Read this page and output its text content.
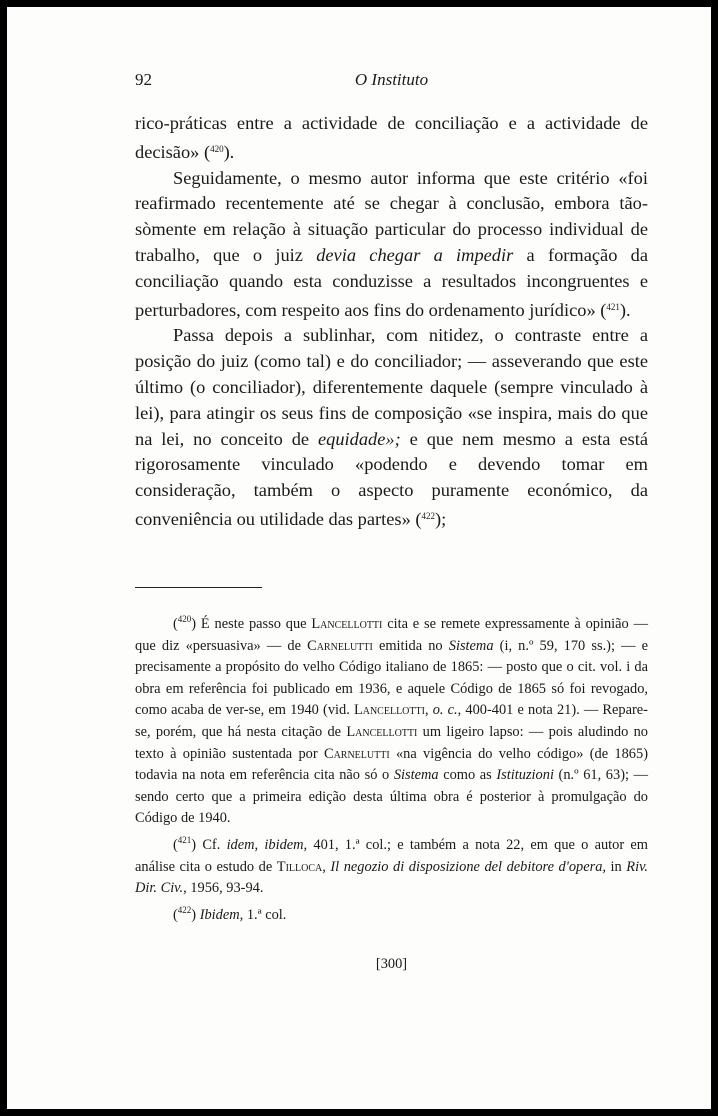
92	O Instituto

rico-práticas entre a actividade de conciliação e a actividade de decisão» ($^{420}$).

Seguidamente, o mesmo autor informa que este critério «foi reafirmado recentemente até se chegar à conclusão, embora tão-sòmente em relação à situação particular do processo individual de trabalho, que o juiz devia chegar a impedir a formação da conciliação quando esta conduzisse a resultados incongruentes e perturbadores, com respeito aos fins do ordenamento jurídico» ($^{421}$).

Passa depois a sublinhar, com nitidez, o contraste entre a posição do juiz (como tal) e do conciliador; — asseverando que este último (o conciliador), diferentemente daquele (sempre vinculado à lei), para atingir os seus fins de composição «se inspira, mais do que na lei, no conceito de equidade»; e que nem mesmo a esta está rigorosamente vinculado «podendo e devendo tomar em consideração, também o aspecto puramente económico, da conveniência ou utilidade das partes» ($^{422}$);

($^{420}$) É neste passo que Lancellotti cita e se remete expressamente à opinião — que diz «persuasiva» — de Carnelutti emitida no Sistema (i, n.º 59, 170 ss.); — e precisamente a propósito do velho Código italiano de 1865: — posto que o cit. vol. i da obra em referência foi publicado em 1936, e aquele Código de 1865 só foi revogado, como acaba de ver-se, em 1940 (vid. Lancellotti, o. c., 400-401 e nota 21). — Repare-se, porém, que há nesta citação de Lancellotti um ligeiro lapso: — pois aludindo no texto à opinião sustentada por Carnelutti «na vigência do velho código» (de 1865) todavia na nota em referência cita não só o Sistema como as Istituzioni (n.º 61, 63); — sendo certo que a primeira edição desta última obra é posterior à promulgação do Código de 1940.

($^{421}$) Cf. idem, ibidem, 401, 1.ª col.; e também a nota 22, em que o autor em análise cita o estudo de Tilloca, Il negozio di disposizione del debitore d'opera, in Riv. Dir. Civ., 1956, 93-94.

($^{422}$) Ibidem, 1.ª col.

[300]
